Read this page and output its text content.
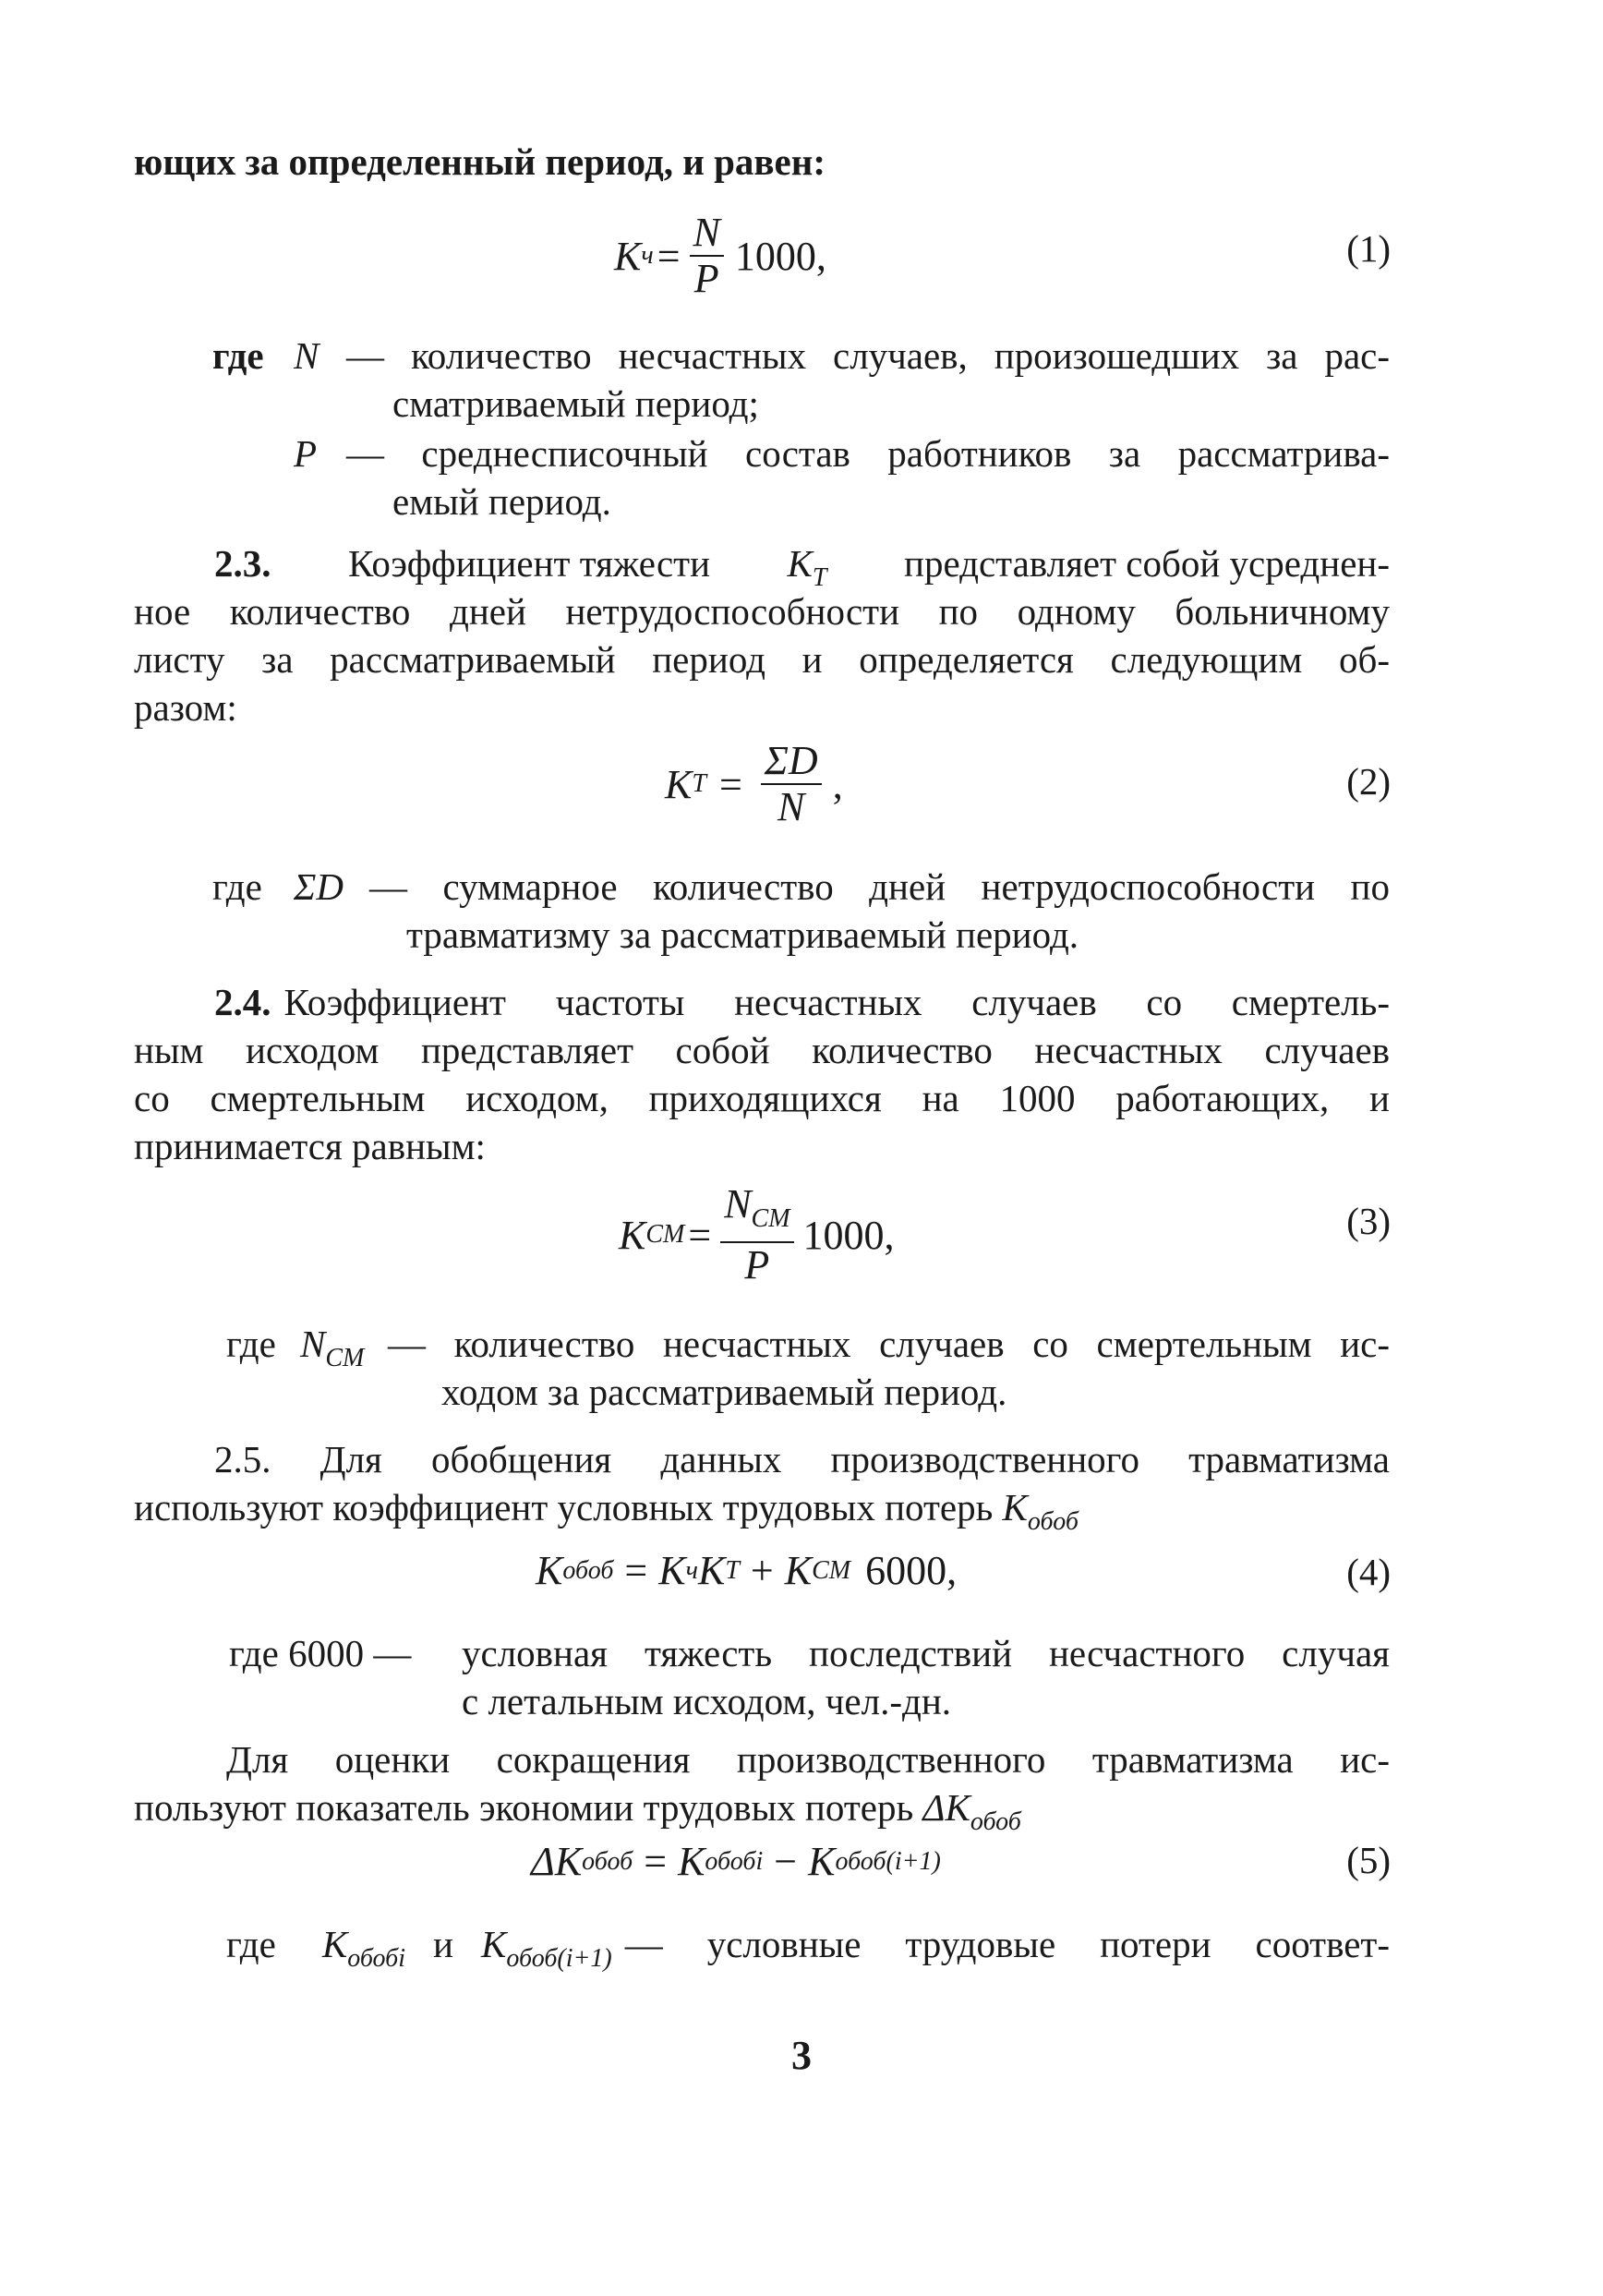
ющих за определенный период, и равен:
K $ч = \frac{N}{P} 1000$,	(1)
где N — количество несчастных случаев, произошедших за рас-
сматриваемый период;
P — среднесписочный состав работников за рассматрива-
емый период.
2.3. Коэффициент тяжести $K_T$ представляет собой усреднен-
ное количество дней нетрудоспособности по одному больничному
листу за рассматриваемый период и определяется следующим об-
разом:
K $T = \frac{\Sigma D}{N}$ ,	(2)
где ΣD — суммарное количество дней нетрудоспособности по
травматизму за рассматриваемый период.
2.4. Коэффициент частоты несчастных случаев со смертель-
ным исходом представляет собой количество несчастных случаев
со смертельным исходом, приходящихся на 1000 работающих, и
принимается равным:
K CM = $\frac{N_{CM}}{P} 1000$,	(3)
где $N_{CM}$ — количество несчастных случаев со смертельным ис-
ходом за рассматриваемый период.
2.5. Для обобщения данных производственного травматизма
используют коэффициент условных трудовых потерь $K_{обоб}$
K обоб = K ч K T + K CM 6000,	(4)
где 6000 — условная тяжесть последствий несчастного случая
с летальным исходом, чел.-дн.
Для оценки сокращения производственного травматизма ис-
пользуют показатель экономии трудовых потерь $\Delta K_{обоб}$
ΔK обоб = K обобi − K обоб(i+1)	(5)
где $K_{обобi}$ и $K_{обоб(i+1)}$ — условные трудовые потери соответ-
3
